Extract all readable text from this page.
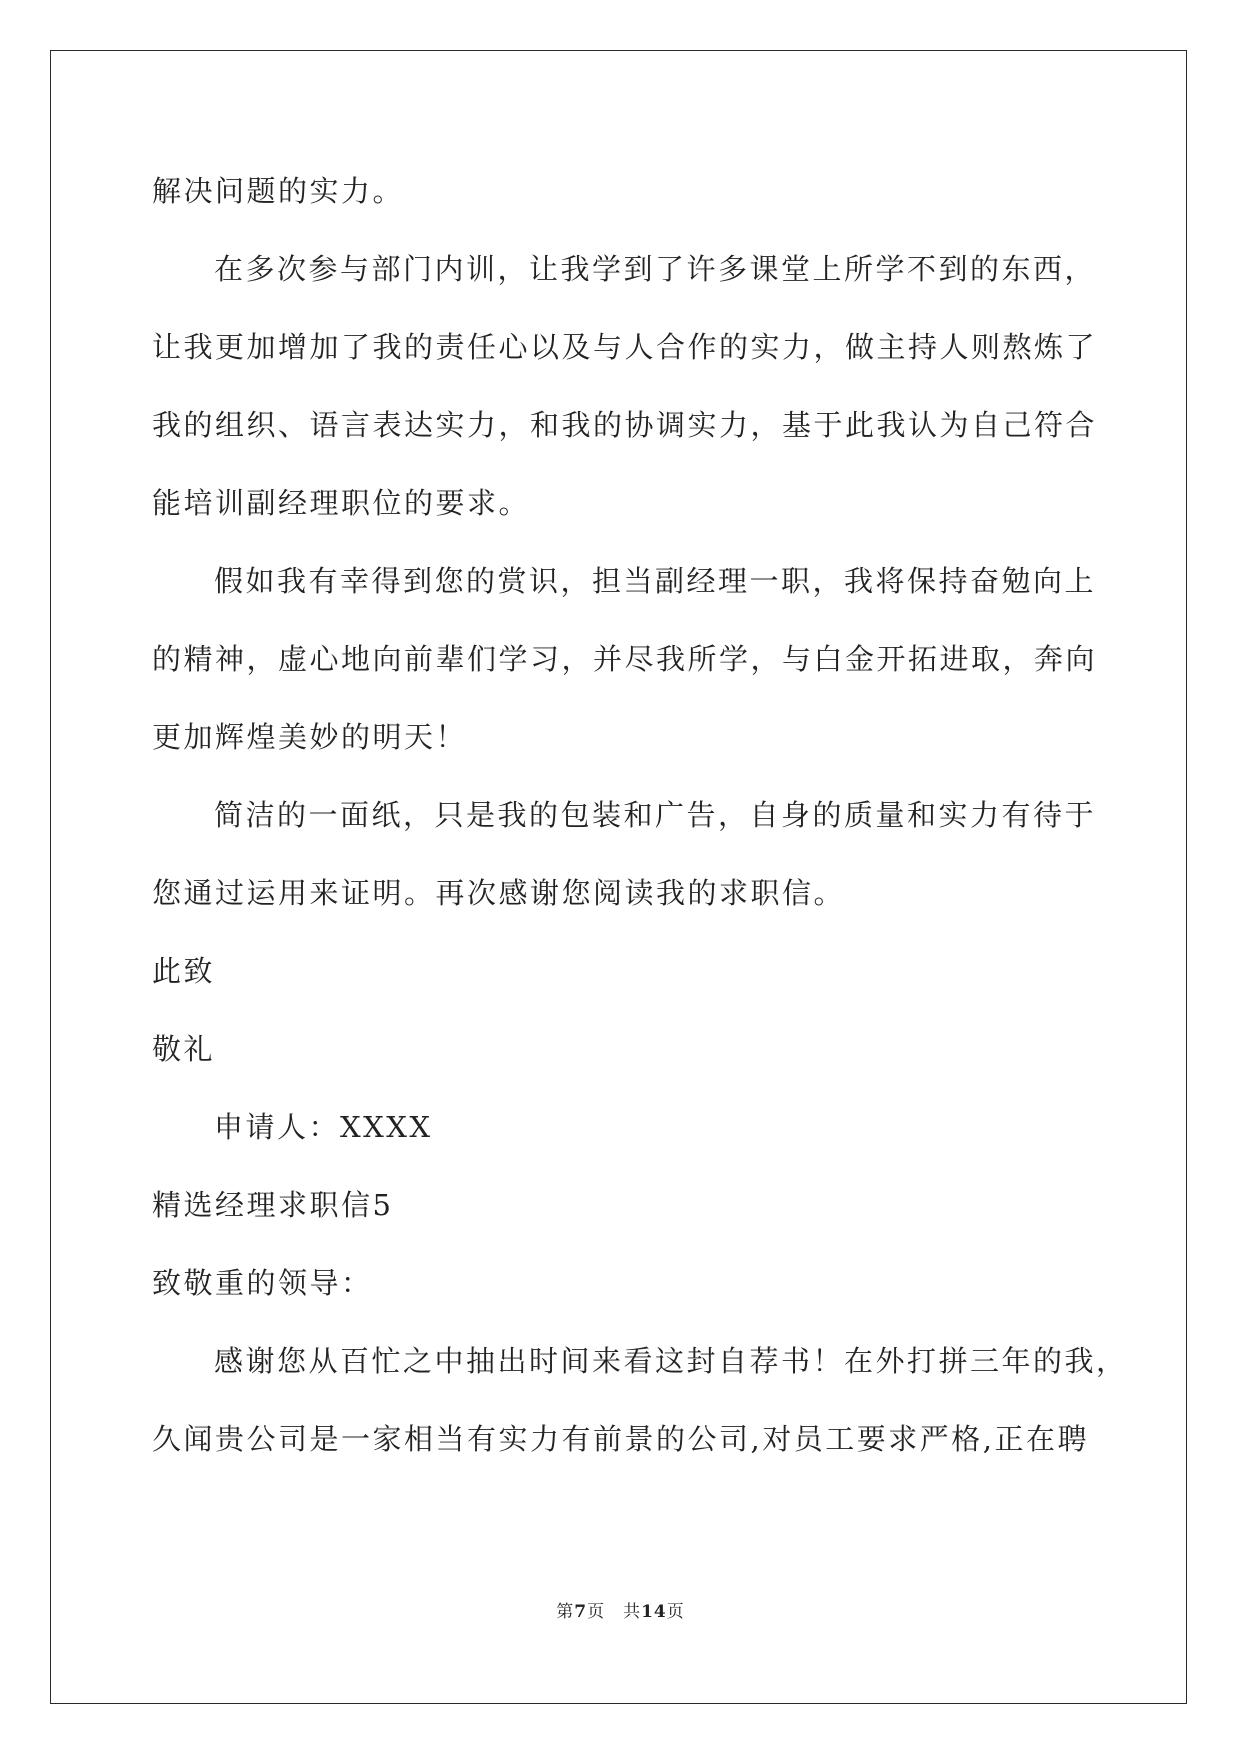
解决问题的实力。
在多次参与部门内训，让我学到了许多课堂上所学不到的东西，
让我更加增加了我的责任心以及与人合作的实力，做主持人则熬炼了
我的组织、语言表达实力，和我的协调实力，基于此我认为自己符合
能培训副经理职位的要求。
假如我有幸得到您的赏识，担当副经理一职，我将保持奋勉向上
的精神，虚心地向前辈们学习，并尽我所学，与白金开拓进取，奔向
更加辉煌美妙的明天！
简洁的一面纸，只是我的包装和广告，自身的质量和实力有待于
您通过运用来证明。再次感谢您阅读我的求职信。
此致
敬礼
申请人：XXXX
精选经理求职信5
致敬重的领导：
感谢您从百忙之中抽出时间来看这封自荐书！在外打拼三年的我，
久闻贵公司是一家相当有实力有前景的公司,对员工要求严格,正在聘
第7页　共14页
